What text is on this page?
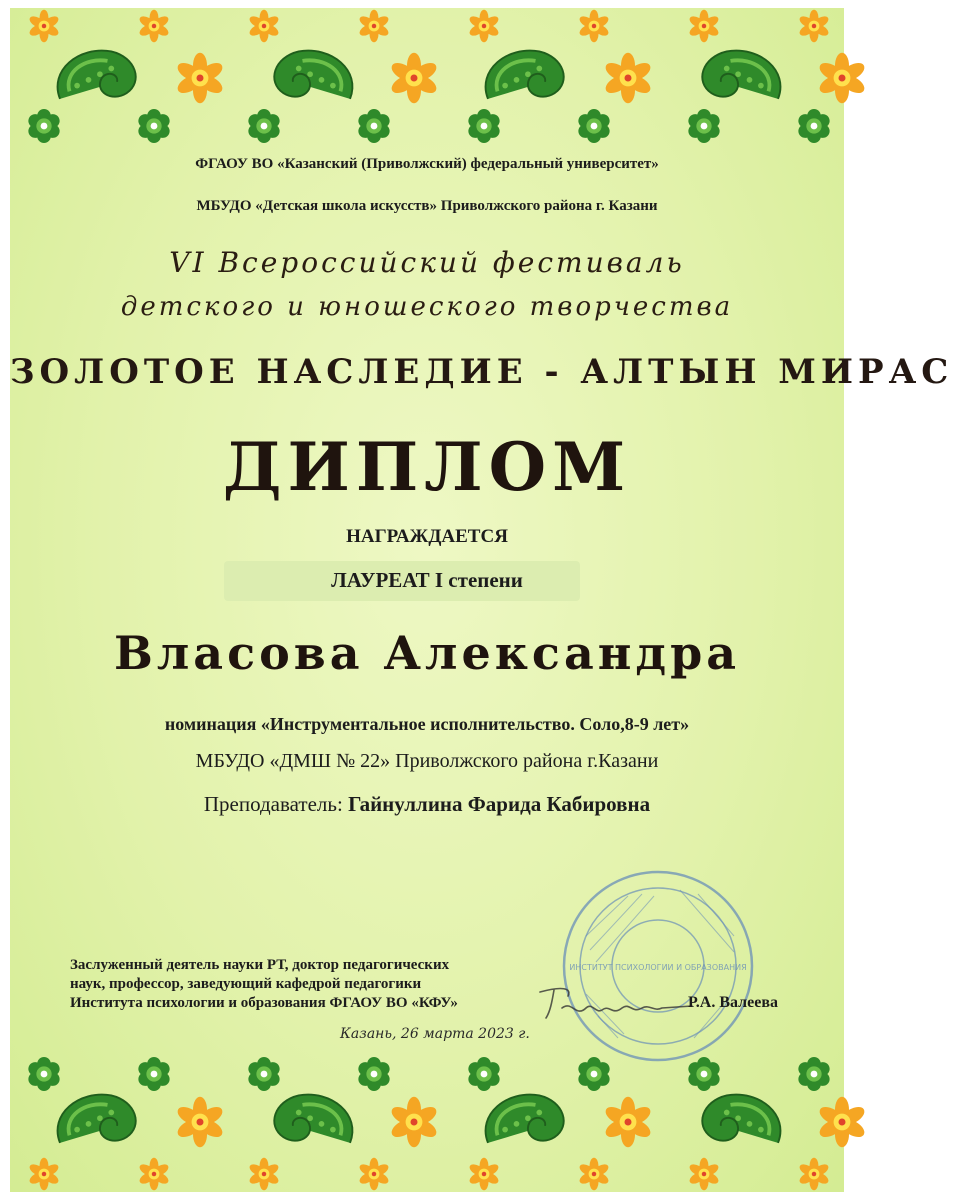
ФГАОУ ВО «Казанский (Приволжский) федеральный университет»
МБУДО «Детская школа искусств» Приволжского района г. Казани
VI Всероссийский фестиваль
детского и юношеского творчества
ЗОЛОТОЕ НАСЛЕДИЕ - АЛТЫН МИРАС
ДИПЛОМ
НАГРАЖДАЕТСЯ
ЛАУРЕАТ I степени
Власова Александра
номинация «Инструментальное исполнительство. Соло,8-9 лет»
МБУДО «ДМШ № 22» Приволжского района г.Казани
Преподаватель: Гайнуллина Фарида Кабировна
ИНСТИТУТ ПСИХОЛОГИИ И ОБРАЗОВАНИЯ
Заслуженный деятель науки РТ, доктор педагогических
наук, профессор, заведующий кафедрой педагогики
Института психологии и образования ФГАОУ ВО «КФУ»	Р.А. Валеева
Казань, 26 марта 2023 г.
